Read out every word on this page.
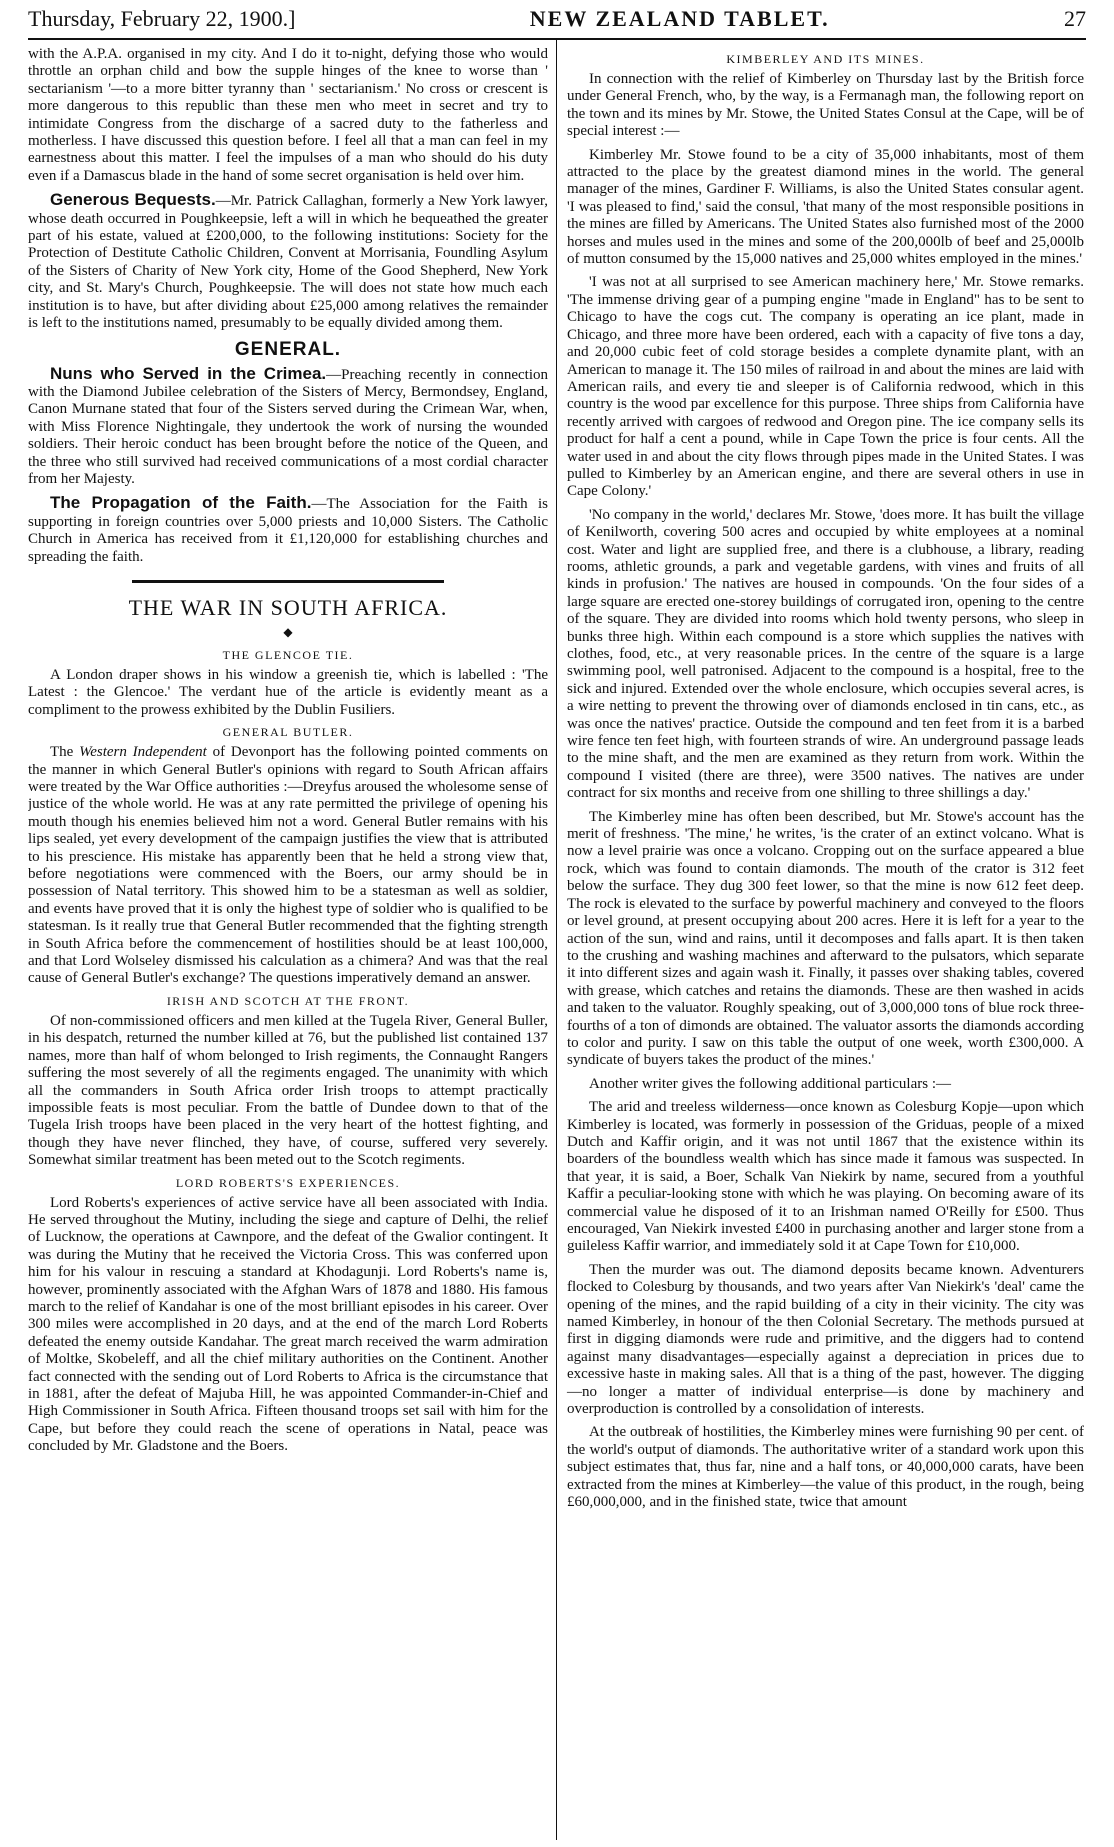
Thursday, February 22, 1900.]	NEW ZEALAND TABLET.	27

with the A.P.A. organised in my city. And I do it to-night, defying those who would throttle an orphan child and bow the supple hinges of the knee to worse than ' sectarianism '—to a more bitter tyranny than ' sectarianism.' No cross or crescent is more dangerous to this republic than these men who meet in secret and try to intimidate Congress from the discharge of a sacred duty to the fatherless and motherless. I have discussed this question before. I feel all that a man can feel in my earnestness about this matter. I feel the impulses of a man who should do his duty even if a Damascus blade in the hand of some secret organisation is held over him.

Generous Bequests.—Mr. Patrick Callaghan, formerly a New York lawyer, whose death occurred in Poughkeepsie, left a will in which he bequeathed the greater part of his estate, valued at £200,000, to the following institutions: Society for the Protection of Destitute Catholic Children, Convent at Morrisania, Foundling Asylum of the Sisters of Charity of New York city, Home of the Good Shepherd, New York city, and St. Mary's Church, Poughkeepsie. The will does not state how much each institution is to have, but after dividing about £25,000 among relatives the remainder is left to the institutions named, presumably to be equally divided among them.

GENERAL.

Nuns who Served in the Crimea.—Preaching recently in connection with the Diamond Jubilee celebration of the Sisters of Mercy, Bermondsey, England, Canon Murnane stated that four of the Sisters served during the Crimean War, when, with Miss Florence Nightingale, they undertook the work of nursing the wounded soldiers. Their heroic conduct has been brought before the notice of the Queen, and the three who still survived had received communications of a most cordial character from her Majesty.

The Propagation of the Faith.—The Association for the Faith is supporting in foreign countries over 5,000 priests and 10,000 Sisters. The Catholic Church in America has received from it £1,120,000 for establishing churches and spreading the faith.

THE WAR IN SOUTH AFRICA.
◆
THE GLENCOE TIE.

A London draper shows in his window a greenish tie, which is labelled : 'The Latest : the Glencoe.' The verdant hue of the article is evidently meant as a compliment to the prowess exhibited by the Dublin Fusiliers.

GENERAL BUTLER.

The Western Independent of Devonport has the following pointed comments on the manner in which General Butler's opinions with regard to South African affairs were treated by the War Office authorities :—Dreyfus aroused the wholesome sense of justice of the whole world. He was at any rate permitted the privilege of opening his mouth though his enemies believed him not a word. General Butler remains with his lips sealed, yet every development of the campaign justifies the view that is attributed to his prescience. His mistake has apparently been that he held a strong view that, before negotiations were commenced with the Boers, our army should be in possession of Natal territory. This showed him to be a statesman as well as soldier, and events have proved that it is only the highest type of soldier who is qualified to be statesman. Is it really true that General Butler recommended that the fighting strength in South Africa before the commencement of hostilities should be at least 100,000, and that Lord Wolseley dismissed his calculation as a chimera? And was that the real cause of General Butler's exchange? The questions imperatively demand an answer.

IRISH AND SCOTCH AT THE FRONT.

Of non-commissioned officers and men killed at the Tugela River, General Buller, in his despatch, returned the number killed at 76, but the published list contained 137 names, more than half of whom belonged to Irish regiments, the Connaught Rangers suffering the most severely of all the regiments engaged. The unanimity with which all the commanders in South Africa order Irish troops to attempt practically impossible feats is most peculiar. From the battle of Dundee down to that of the Tugela Irish troops have been placed in the very heart of the hottest fighting, and though they have never flinched, they have, of course, suffered very severely. Somewhat similar treatment has been meted out to the Scotch regiments.

LORD ROBERTS'S EXPERIENCES.

Lord Roberts's experiences of active service have all been associated with India. He served throughout the Mutiny, including the siege and capture of Delhi, the relief of Lucknow, the operations at Cawnpore, and the defeat of the Gwalior contingent. It was during the Mutiny that he received the Victoria Cross. This was conferred upon him for his valour in rescuing a standard at Khodagunji. Lord Roberts's name is, however, prominently associated with the Afghan Wars of 1878 and 1880. His famous march to the relief of Kandahar is one of the most brilliant episodes in his career. Over 300 miles were accomplished in 20 days, and at the end of the march Lord Roberts defeated the enemy outside Kandahar. The great march received the warm admiration of Moltke, Skobeleff, and all the chief military authorities on the Continent. Another fact connected with the sending out of Lord Roberts to Africa is the circumstance that in 1881, after the defeat of Majuba Hill, he was appointed Commander-in-Chief and High Commissioner in South Africa. Fifteen thousand troops set sail with him for the Cape, but before they could reach the scene of operations in Natal, peace was concluded by Mr. Gladstone and the Boers.

KIMBERLEY AND ITS MINES.

In connection with the relief of Kimberley on Thursday last by the British force under General French, who, by the way, is a Fermanagh man, the following report on the town and its mines by Mr. Stowe, the United States Consul at the Cape, will be of special interest :—

Kimberley Mr. Stowe found to be a city of 35,000 inhabitants, most of them attracted to the place by the greatest diamond mines in the world. The general manager of the mines, Gardiner F. Williams, is also the United States consular agent. 'I was pleased to find,' said the consul, 'that many of the most responsible positions in the mines are filled by Americans. The United States also furnished most of the 2000 horses and mules used in the mines and some of the 200,000lb of beef and 25,000lb of mutton consumed by the 15,000 natives and 25,000 whites employed in the mines.'

'I was not at all surprised to see American machinery here,' Mr. Stowe remarks. 'The immense driving gear of a pumping engine "made in England" has to be sent to Chicago to have the cogs cut. The company is operating an ice plant, made in Chicago, and three more have been ordered, each with a capacity of five tons a day, and 20,000 cubic feet of cold storage besides a complete dynamite plant, with an American to manage it. The 150 miles of railroad in and about the mines are laid with American rails, and every tie and sleeper is of California redwood, which in this country is the wood par excellence for this purpose. Three ships from California have recently arrived with cargoes of redwood and Oregon pine. The ice company sells its product for half a cent a pound, while in Cape Town the price is four cents. All the water used in and about the city flows through pipes made in the United States. I was pulled to Kimberley by an American engine, and there are several others in use in Cape Colony.'

'No company in the world,' declares Mr. Stowe, 'does more. It has built the village of Kenilworth, covering 500 acres and occupied by white employees at a nominal cost. Water and light are supplied free, and there is a clubhouse, a library, reading rooms, athletic grounds, a park and vegetable gardens, with vines and fruits of all kinds in profusion.' The natives are housed in compounds. 'On the four sides of a large square are erected one-storey buildings of corrugated iron, opening to the centre of the square. They are divided into rooms which hold twenty persons, who sleep in bunks three high. Within each compound is a store which supplies the natives with clothes, food, etc., at very reasonable prices. In the centre of the square is a large swimming pool, well patronised. Adjacent to the compound is a hospital, free to the sick and injured. Extended over the whole enclosure, which occupies several acres, is a wire netting to prevent the throwing over of diamonds enclosed in tin cans, etc., as was once the natives' practice. Outside the compound and ten feet from it is a barbed wire fence ten feet high, with fourteen strands of wire. An underground passage leads to the mine shaft, and the men are examined as they return from work. Within the compound I visited (there are three), were 3500 natives. The natives are under contract for six months and receive from one shilling to three shillings a day.'

The Kimberley mine has often been described, but Mr. Stowe's account has the merit of freshness. 'The mine,' he writes, 'is the crater of an extinct volcano. What is now a level prairie was once a volcano. Cropping out on the surface appeared a blue rock, which was found to contain diamonds. The mouth of the crator is 312 feet below the surface. They dug 300 feet lower, so that the mine is now 612 feet deep. The rock is elevated to the surface by powerful machinery and conveyed to the floors or level ground, at present occupying about 200 acres. Here it is left for a year to the action of the sun, wind and rains, until it decomposes and falls apart. It is then taken to the crushing and washing machines and afterward to the pulsators, which separate it into different sizes and again wash it. Finally, it passes over shaking tables, covered with grease, which catches and retains the diamonds. These are then washed in acids and taken to the valuator. Roughly speaking, out of 3,000,000 tons of blue rock three-fourths of a ton of dimonds are obtained. The valuator assorts the diamonds according to color and purity. I saw on this table the output of one week, worth £300,000. A syndicate of buyers takes the product of the mines.'

Another writer gives the following additional particulars :—

The arid and treeless wilderness—once known as Colesburg Kopje—upon which Kimberley is located, was formerly in possession of the Griduas, people of a mixed Dutch and Kaffir origin, and it was not until 1867 that the existence within its boarders of the boundless wealth which has since made it famous was suspected. In that year, it is said, a Boer, Schalk Van Niekirk by name, secured from a youthful Kaffir a peculiar-looking stone with which he was playing. On becoming aware of its commercial value he disposed of it to an Irishman named O'Reilly for £500. Thus encouraged, Van Niekirk invested £400 in purchasing another and larger stone from a guileless Kaffir warrior, and immediately sold it at Cape Town for £10,000.

Then the murder was out. The diamond deposits became known. Adventurers flocked to Colesburg by thousands, and two years after Van Niekirk's 'deal' came the opening of the mines, and the rapid building of a city in their vicinity. The city was named Kimberley, in honour of the then Colonial Secretary. The methods pursued at first in digging diamonds were rude and primitive, and the diggers had to contend against many disadvantages—especially against a depreciation in prices due to excessive haste in making sales. All that is a thing of the past, however. The digging—no longer a matter of individual enterprise—is done by machinery and overproduction is controlled by a consolidation of interests.

At the outbreak of hostilities, the Kimberley mines were furnishing 90 per cent. of the world's output of diamonds. The authoritative writer of a standard work upon this subject estimates that, thus far, nine and a half tons, or 40,000,000 carats, have been extracted from the mines at Kimberley—the value of this product, in the rough, being £60,000,000, and in the finished state, twice that amount
